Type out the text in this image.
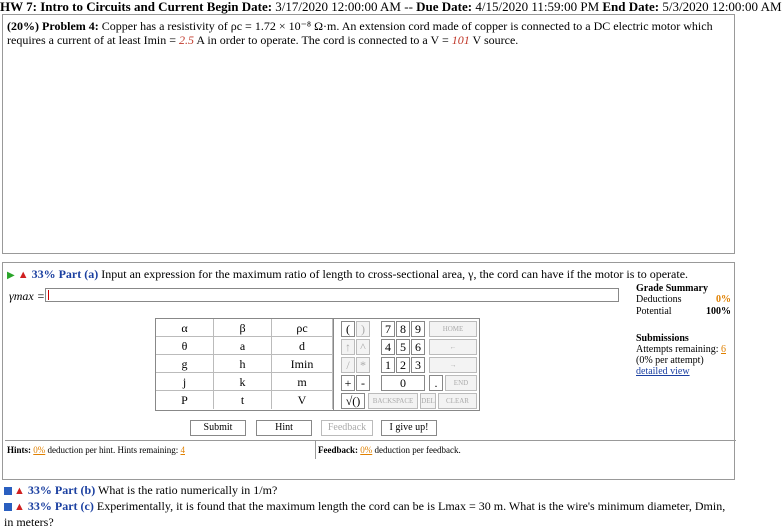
HW 7: Intro to Circuits and Current Begin Date: 3/17/2020 12:00:00 AM -- Due Date: 4/15/2020 11:59:00 PM End Date: 5/3/2020 12:00:00 AM
(20%) Problem 4: Copper has a resistivity of ρc = 1.72 × 10⁻⁸ Ω·m. An extension cord made of copper is connected to a DC electric motor which requires a current of at least Imin = 2.5 A in order to operate. The cord is connected to a V = 101 V source.
▶ ▲ 33% Part (a) Input an expression for the maximum ratio of length to cross-sectional area, γ, the cord can have if the motor is to operate.
γmax =
Grade Summary
Deductions	0%
Potential	100%
Submissions
Attempts remaining: 6
(0% per attempt)
detailed view
α	β	ρc
θ	a	d
g	h	Imin
j	k	m
P	t	V
( )	7 8 9	HOME
↑ ^	4 5 6	←
/ *	1 2 3	→
+ -	0	.	END
√()	BACKSPACE	DEL	CLEAR
Submit	Hint	Feedback	I give up!
Hints: 0% deduction per hint. Hints remaining: 4	Feedback: 0% deduction per feedback.
▲ 33% Part (b) What is the ratio numerically in 1/m?
▲ 33% Part (c) Experimentally, it is found that the maximum length the cord can be is Lmax = 30 m. What is the wire's minimum diameter, Dmin, in meters?
